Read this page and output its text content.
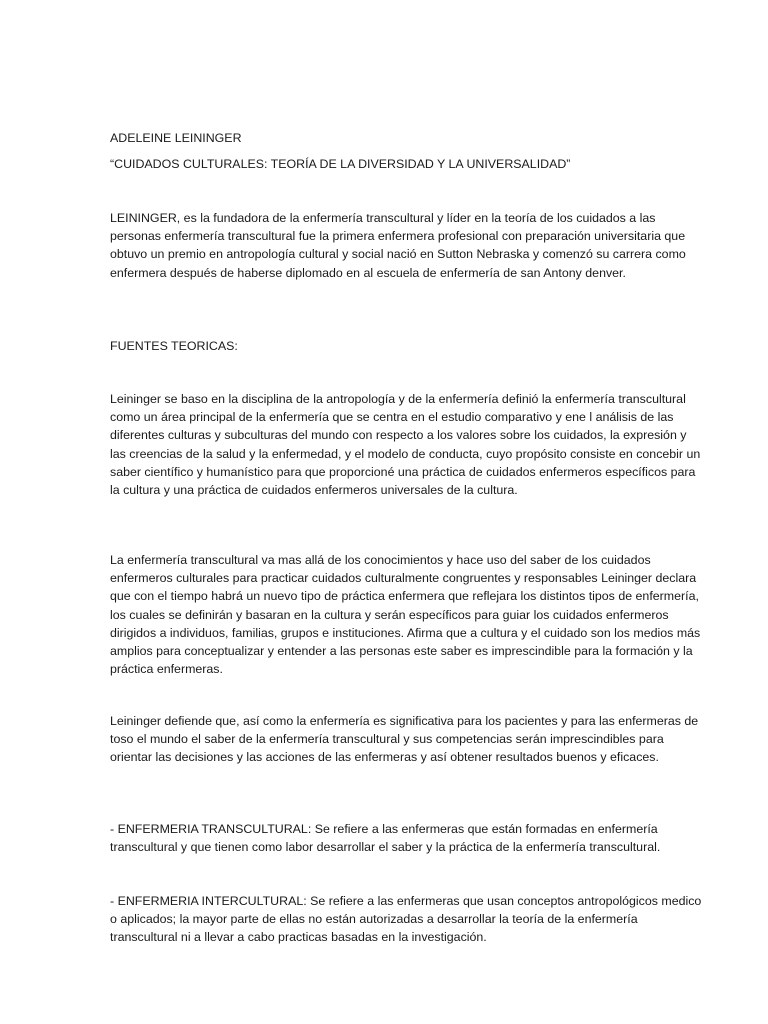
ADELEINE LEININGER

“CUIDADOS CULTURALES: TEORÍA DE LA DIVERSIDAD Y LA UNIVERSALIDAD”

LEININGER, es la fundadora de la enfermería transcultural y líder en la teoría de los cuidados a las personas enfermería transcultural fue la primera enfermera profesional con preparación universitaria que obtuvo un premio en antropología cultural y social nació en Sutton Nebraska y comenzó su carrera como enfermera después de haberse diplomado en al escuela de enfermería de san Antony denver.

FUENTES TEORICAS:

Leininger se baso en la disciplina de la antropología y de la enfermería definió la enfermería transcultural como un área principal de la enfermería que se centra en el estudio comparativo y ene l análisis de las diferentes culturas y subculturas del mundo con respecto a los valores sobre los cuidados, la expresión y las creencias de la salud y la enfermedad, y el modelo de conducta, cuyo propósito consiste en concebir un saber científico y humanístico para que proporcioné una práctica de cuidados enfermeros específicos para la cultura y una práctica de cuidados enfermeros universales de la cultura.

La enfermería transcultural va mas allá de los conocimientos y hace uso del saber de los cuidados enfermeros culturales para practicar cuidados culturalmente congruentes y responsables Leininger declara que con el tiempo habrá un nuevo tipo de práctica enfermera que reflejara los distintos tipos de enfermería, los cuales se definirán y basaran en la cultura y serán específicos para guiar los cuidados enfermeros dirigidos a individuos, familias, grupos e instituciones. Afirma que a cultura y el cuidado son los medios más amplios para conceptualizar y entender a las personas este saber es imprescindible para la formación y la práctica enfermeras.

Leininger defiende que, así como la enfermería es significativa para los pacientes y para las enfermeras de toso el mundo el saber de la enfermería transcultural y sus competencias serán imprescindibles para orientar las decisiones y las acciones de las enfermeras y así obtener resultados buenos y eficaces.

- ENFERMERIA TRANSCULTURAL: Se refiere a las enfermeras que están formadas en enfermería transcultural y que tienen como labor desarrollar el saber y la práctica de la enfermería transcultural.

- ENFERMERIA INTERCULTURAL: Se refiere a las enfermeras que usan conceptos antropológicos medico o aplicados; la mayor parte de ellas no están autorizadas a desarrollar la teoría de la enfermería transcultural ni a llevar a cabo practicas basadas en la investigación.
